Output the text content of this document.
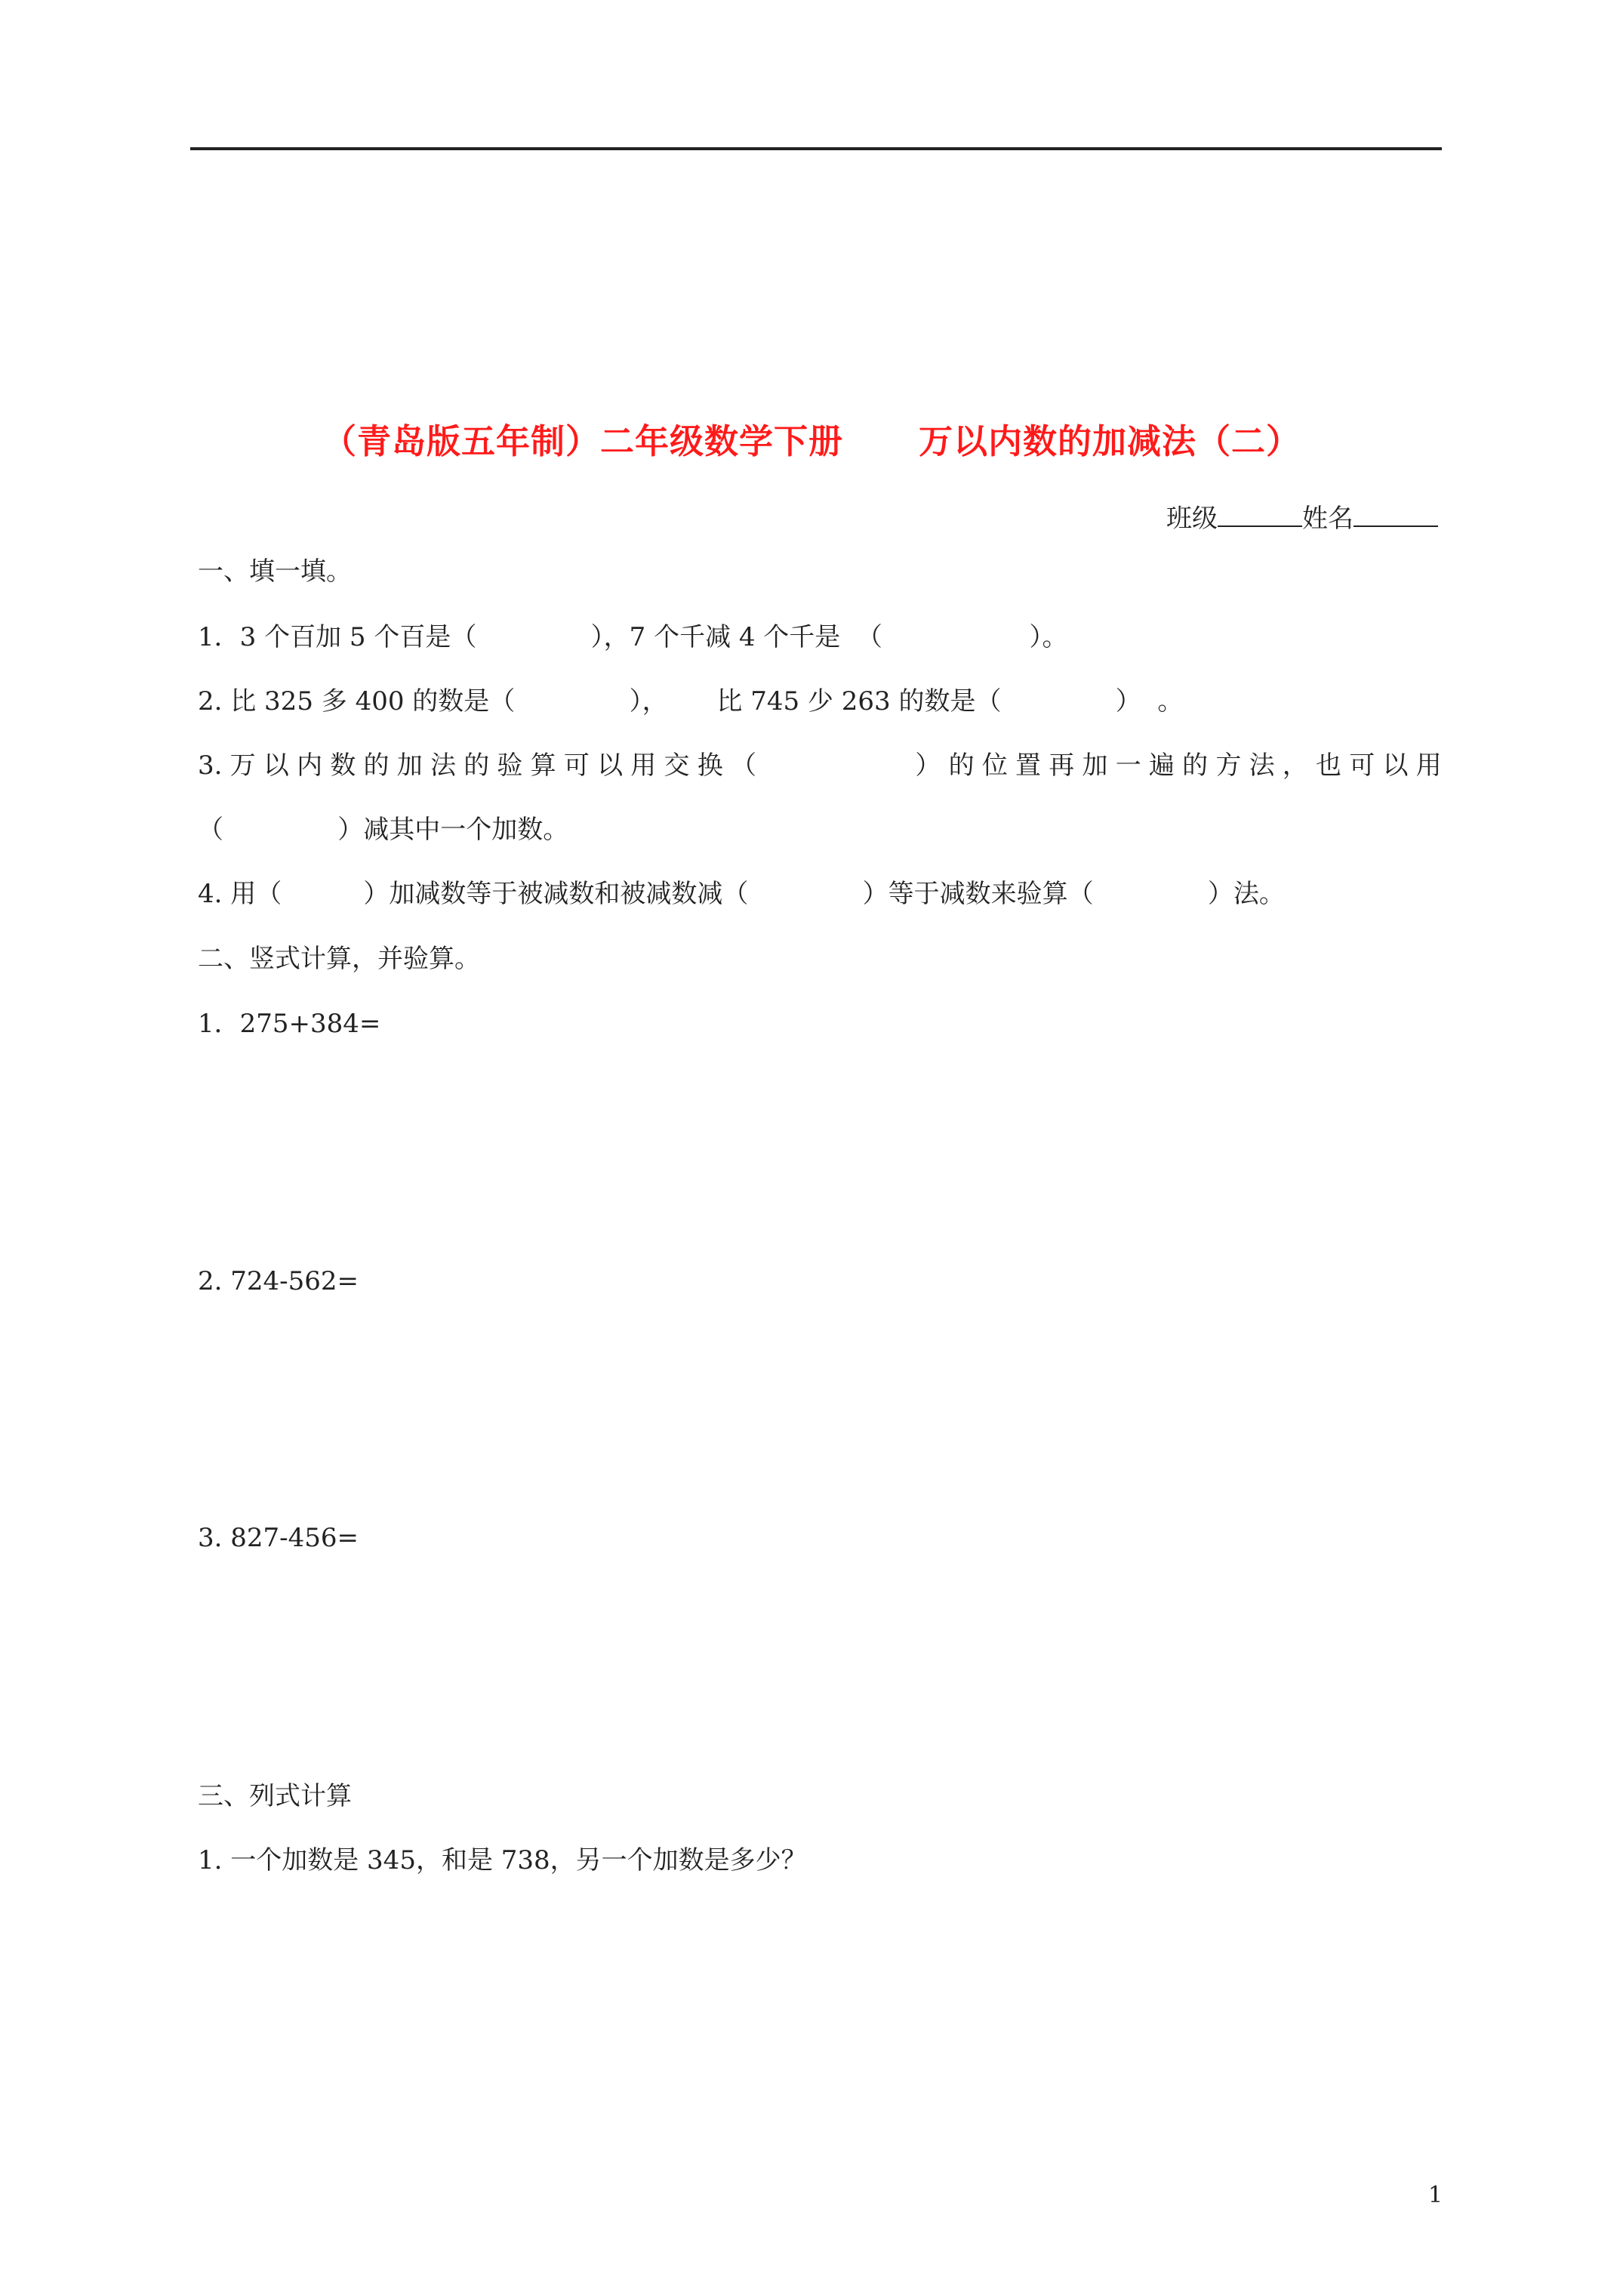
（青岛版五年制）二年级数学下册      万以内数的加减法（二）
班级	姓名
一、填一填。
1．3 个百加 5 个百是（              ），7 个千减 4 个千是  （                  ）。
2. 比 325 多 400 的数是（              ），      比 745 少 263 的数是（              ）  。
3. 万 以 内 数 的 加 法 的 验 算 可 以 用 交 换 （	） 的 位 置 再 加 一 遍 的 方 法 ， 也 可 以 用
（              ）减其中一个加数。
4. 用（          ）加减数等于被减数和被减数减（              ）等于减数来验算（              ）法。
二、竖式计算，并验算。
1．275+384=
2. 724-562=
3. 827-456=
三、列式计算
1. 一个加数是 345，和是 738，另一个加数是多少？
1
